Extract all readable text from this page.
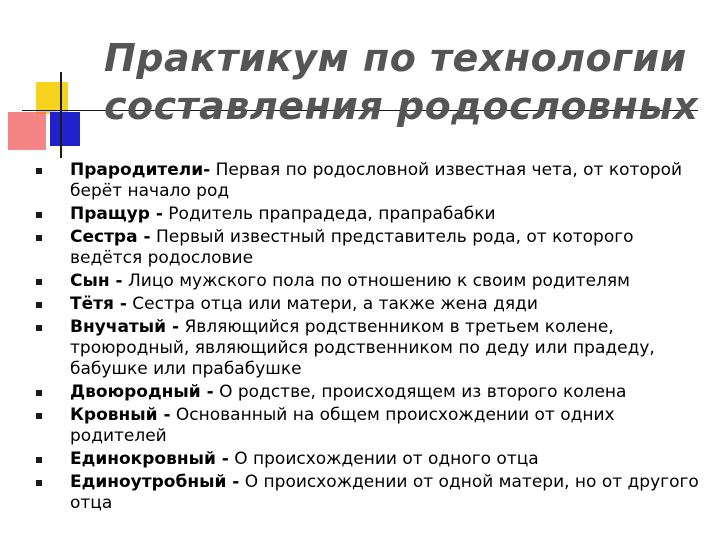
Практикум по технологии
составления родословных
Прародители- Первая по родословной известная чета, от которой берёт начало род
Пращур - Родитель прапрадеда, прапрабабки
Сестра - Первый известный представитель рода, от которого ведётся родословие
Сын - Лицо мужского пола по отношению к своим родителям
Тётя - Сестра отца или матери, а также жена дяди
Внучатый - Являющийся родственником в третьем колене, троюродный, являющийся родственником по деду или прадеду, бабушке или прабабушке
Двоюродный - О родстве, происходящем из второго колена
Кровный - Основанный на общем происхождении от одних родителей
Единокровный - О происхождении от одного отца
Единоутробный - О происхождении от одной матери, но от другого отца
